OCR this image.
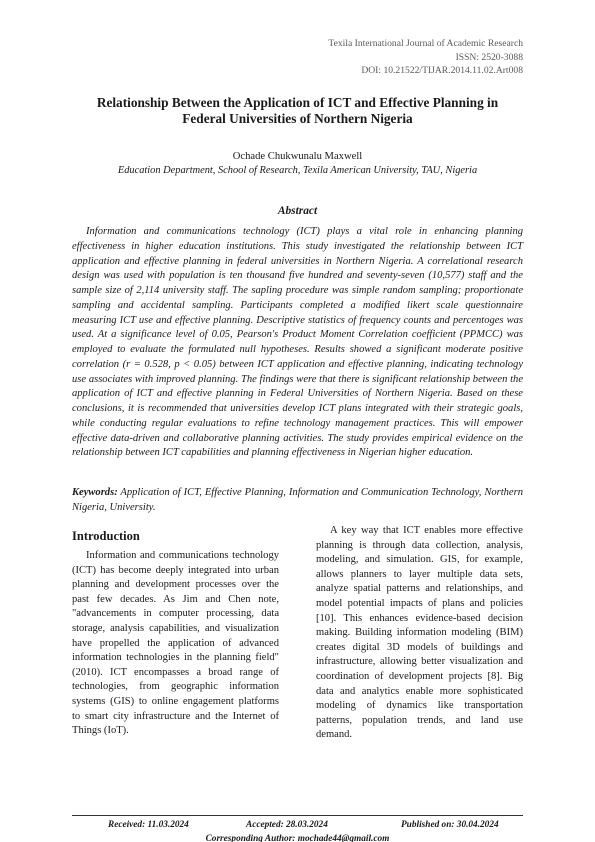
Texila International Journal of Academic Research
ISSN: 2520-3088
DOI: 10.21522/TIJAR.2014.11.02.Art008
Relationship Between the Application of ICT and Effective Planning in
Federal Universities of Northern Nigeria
Ochade Chukwunalu Maxwell
Education Department, School of Research, Texila American University, TAU, Nigeria
Abstract
Information and communications technology (ICT) plays a vital role in enhancing planning effectiveness in higher education institutions. This study investigated the relationship between ICT application and effective planning in federal universities in Northern Nigeria. A correlational research design was used with population is ten thousand five hundred and seventy-seven (10,577) staff and the sample size of 2,114 university staff. The sapling procedure was simple random sampling; proportionate sampling and accidental sampling. Participants completed a modified likert scale questionnaire measuring ICT use and effective planning. Descriptive statistics of frequency counts and percentoges was used. At a significance level of 0.05, Pearson's Product Moment Correlation coefficient (PPMCC) was employed to evaluate the formulated null hypotheses. Results showed a significant moderate positive correlation (r = 0.528, p < 0.05) between ICT application and effective planning, indicating technology use associates with improved planning. The findings were that there is significant relationship between the application of ICT and effective planning in Federal Universities of Northern Nigeria. Based on these conclusions, it is recommended that universities develop ICT plans integrated with their strategic goals, while conducting regular evaluations to refine technology management practices. This will empower effective data-driven and collaborative planning activities. The study provides empirical evidence on the relationship between ICT capabilities and planning effectiveness in Nigerian higher education.
Keywords: Application of ICT, Effective Planning, Information and Communication Technology, Northern Nigeria, University.
Introduction
Information and communications technology (ICT) has become deeply integrated into urban planning and development processes over the past few decades. As Jim and Chen note, "advancements in computer processing, data storage, analysis capabilities, and visualization have propelled the application of advanced information technologies in the planning field" (2010). ICT encompasses a broad range of technologies, from geographic information systems (GIS) to online engagement platforms to smart city infrastructure and the Internet of Things (IoT).
A key way that ICT enables more effective planning is through data collection, analysis, modeling, and simulation. GIS, for example, allows planners to layer multiple data sets, analyze spatial patterns and relationships, and model potential impacts of plans and policies [10]. This enhances evidence-based decision making. Building information modeling (BIM) creates digital 3D models of buildings and infrastructure, allowing better visualization and coordination of development projects [8]. Big data and analytics enable more sophisticated modeling of dynamics like transportation patterns, population trends, and land use demand.
Received: 11.03.2024	Accepted: 28.03.2024	Published on: 30.04.2024
Corresponding Author: mochade44@gmail.com
